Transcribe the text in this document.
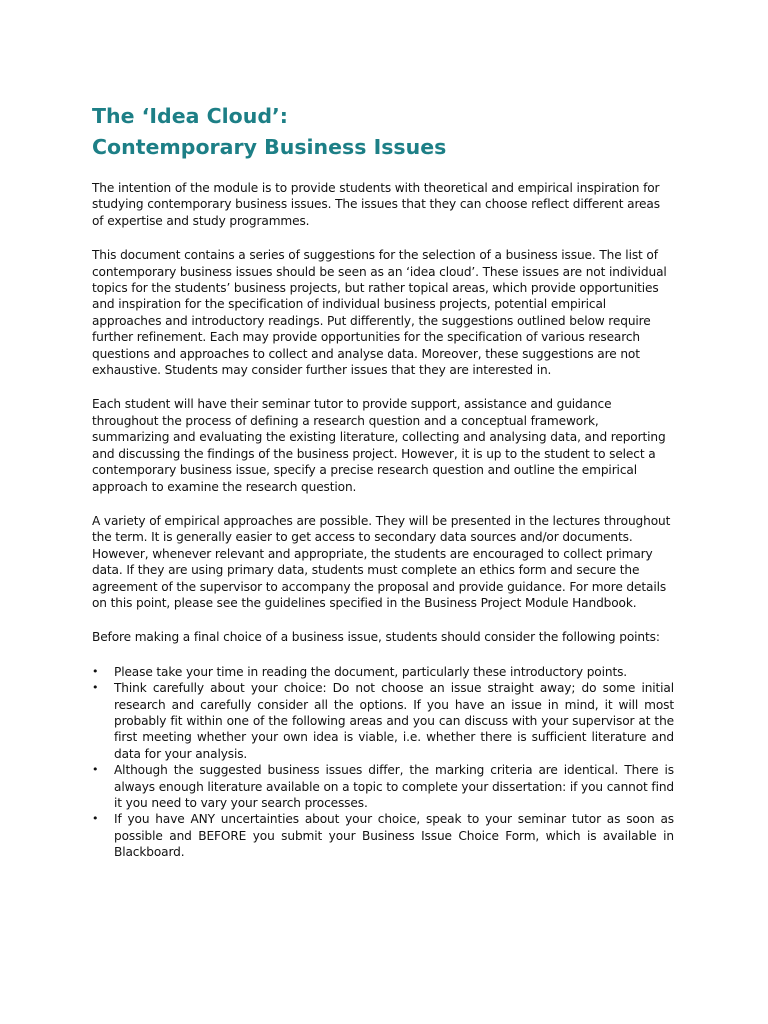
The ‘Idea Cloud’:
Contemporary Business Issues

The intention of the module is to provide students with theoretical and empirical inspiration for studying contemporary business issues. The issues that they can choose reflect different areas of expertise and study programmes.

This document contains a series of suggestions for the selection of a business issue. The list of contemporary business issues should be seen as an ‘idea cloud’. These issues are not individual topics for the students’ business projects, but rather topical areas, which provide opportunities and inspiration for the specification of individual business projects, potential empirical approaches and introductory readings. Put differently, the suggestions outlined below require further refinement. Each may provide opportunities for the specification of various research questions and approaches to collect and analyse data. Moreover, these suggestions are not exhaustive. Students may consider further issues that they are interested in.

Each student will have their seminar tutor to provide support, assistance and guidance throughout the process of defining a research question and a conceptual framework, summarizing and evaluating the existing literature, collecting and analysing data, and reporting and discussing the findings of the business project. However, it is up to the student to select a contemporary business issue, specify a precise research question and outline the empirical approach to examine the research question.

A variety of empirical approaches are possible. They will be presented in the lectures throughout the term. It is generally easier to get access to secondary data sources and/or documents. However, whenever relevant and appropriate, the students are encouraged to collect primary data. If they are using primary data, students must complete an ethics form and secure the agreement of the supervisor to accompany the proposal and provide guidance. For more details on this point, please see the guidelines specified in the Business Project Module Handbook.

Before making a final choice of a business issue, students should consider the following points:

•	Please take your time in reading the document, particularly these introductory points.
•	Think carefully about your choice: Do not choose an issue straight away; do some initial research and carefully consider all the options. If you have an issue in mind, it will most probably fit within one of the following areas and you can discuss with your supervisor at the first meeting whether your own idea is viable, i.e. whether there is sufficient literature and data for your analysis.
•	Although the suggested business issues differ, the marking criteria are identical. There is always enough literature available on a topic to complete your dissertation: if you cannot find it you need to vary your search processes.
•	If you have ANY uncertainties about your choice, speak to your seminar tutor as soon as possible and BEFORE you submit your Business Issue Choice Form, which is available in Blackboard.
